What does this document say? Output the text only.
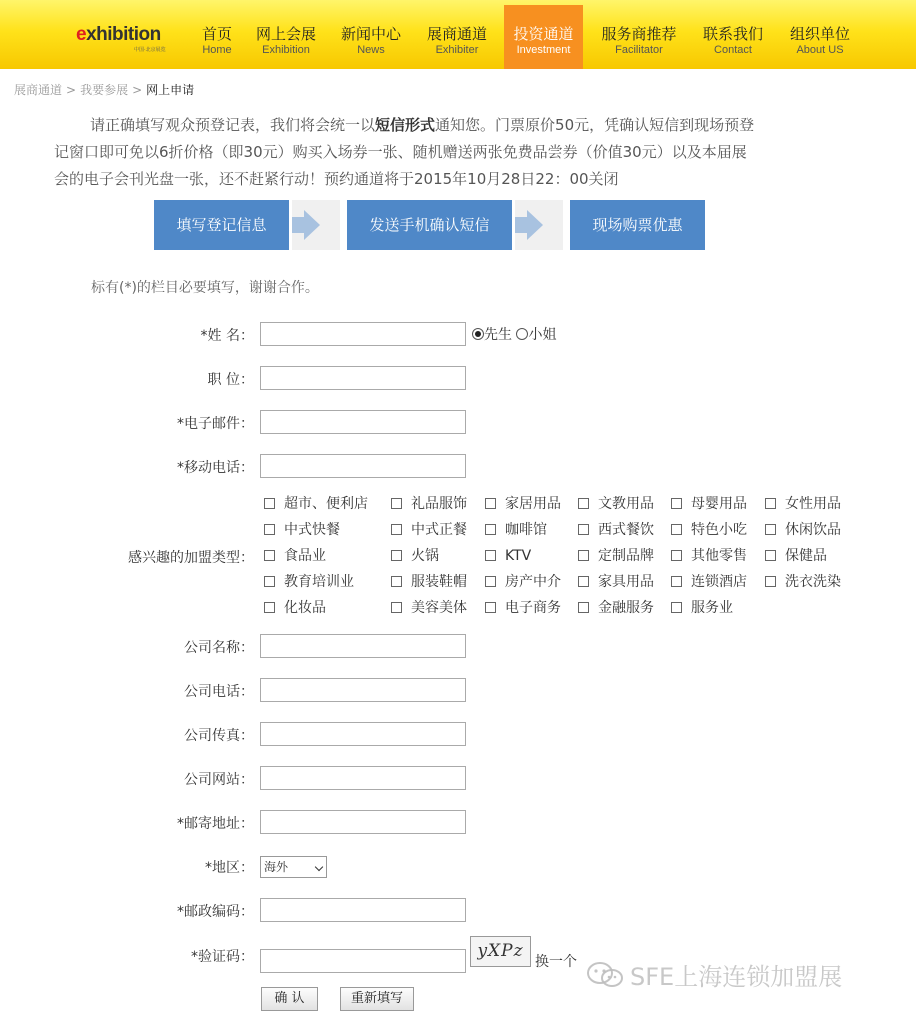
exhibition
中国·北京展览
首页
Home
网上会展
Exhibition
新闻中心
News
展商通道
Exhibiter
投资通道
Investment
服务商推荐
Facilitator
联系我们
Contact
组织单位
About US
展商通道 > 我要参展 > 网上申请
请正确填写观众预登记表，我们将会统一以短信形式通知您。门票原价50元，凭确认短信到现场预登
记窗口即可免以6折价格（即30元）购买入场券一张、随机赠送两张免费品尝券（价值30元）以及本届展
会的电子会刊光盘一张，还不赶紧行动！预约通道将于2015年10月28日22：00关闭
填写登记信息	发送手机确认短信	现场购票优惠
标有(*)的栏目必要填写，谢谢合作。
*姓 名：	先生 小姐
职 位：
*电子邮件：
*移动电话：
感兴趣的加盟类型：
超市、便利店	礼品服饰	家居用品	文教用品	母婴用品	女性用品
中式快餐	中式正餐	咖啡馆	西式餐饮	特色小吃	休闲饮品
食品业	火锅	KTV	定制品牌	其他零售	保健品
教育培训业	服装鞋帽	房产中介	家具用品	连锁酒店	洗衣洗染
化妆品	美容美体	电子商务	金融服务	服务业
公司名称：
公司电话：
公司传真：
公司网站：
*邮寄地址：
*地区： 海外
*邮政编码：
*验证码：	yXPz
换一个
确 认	重新填写
SFE上海连锁加盟展
